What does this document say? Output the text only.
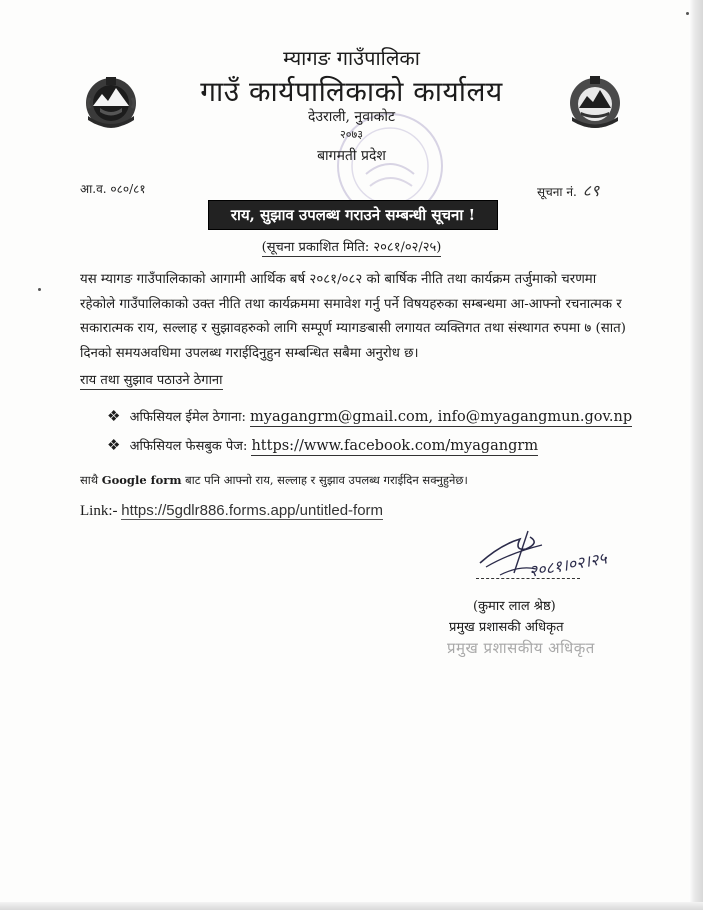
म्यागङ गाउँपालिका
गाउँ कार्यपालिकाको कार्यालय
देउराली, नुवाकोट
२०७३
बागमती प्रदेश
आ.व. ०८०/८१	सूचना नं. ८९
राय, सुझाव उपलब्ध गराउने सम्बन्धी सूचना !
(सूचना प्रकाशित मिति: २०८१/०२/२५)
यस म्यागङ गाउँपालिकाको आगामी आर्थिक बर्ष २०८१/०८२ को बार्षिक नीति तथा कार्यक्रम तर्जुमाको चरणमा
रहेकोले गाउँपालिकाको उक्त नीति तथा कार्यक्रममा समावेश गर्नु पर्ने विषयहरुका सम्बन्धमा आ-आफ्नो रचनात्मक र
सकारात्मक राय, सल्लाह र सुझावहरुको लागि सम्पूर्ण म्यागङबासी लगायत व्यक्तिगत तथा संस्थागत रुपमा ७ (सात)
दिनको समयअवधिमा उपलब्ध गराईदिनुहुन सम्बन्धित सबैमा अनुरोध छ।
राय तथा सुझाव पठाउने ठेगाना
❖ अफिसियल ईमेल ठेगाना: myagangrm@gmail.com, info@myagangmun.gov.np
❖ अफिसियल फेसबुक पेज: https://www.facebook.com/myagangrm
साथै Google form बाट पनि आफ्नो राय, सल्लाह र सुझाव उपलब्ध गराईदिन सक्नुहुनेछ।
Link:- https://5gdlr886.forms.app/untitled-form
२०८१।०२।२५
(कुमार लाल श्रेष्ठ)
प्रमुख प्रशासकी अधिकृत
प्रमुख प्रशासकीय अधिकृत
